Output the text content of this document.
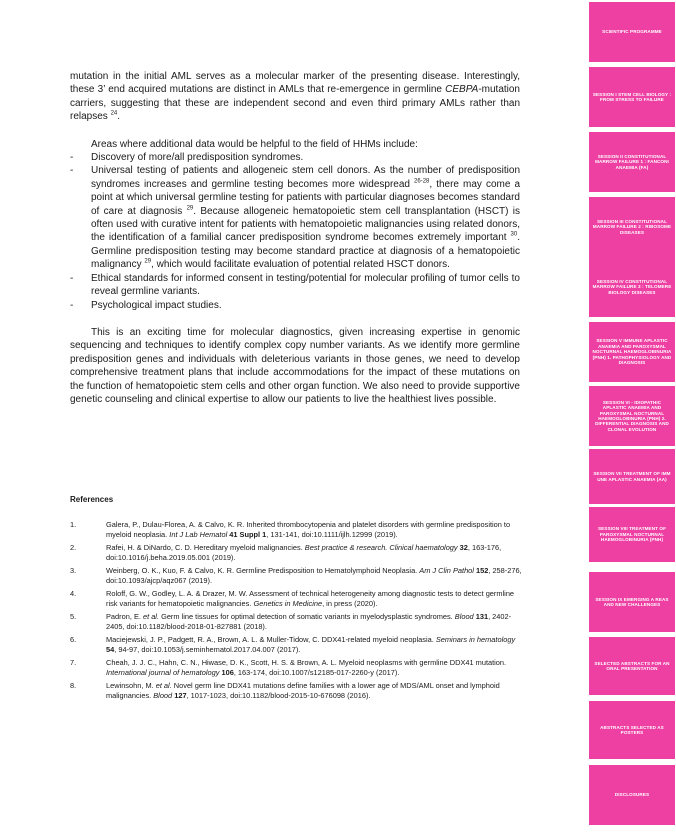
mutation in the initial AML serves as a molecular marker of the presenting disease. Interestingly, these 3’ end acquired mutations are distinct in AMLs that re-emergence in germline CEBPA-mutation carriers, suggesting that these are independent second and even third primary AMLs rather than relapses $^{24}$.

Areas where additional data would be helpful to the field of HHMs include:

- Discovery of more/all predisposition syndromes.
- Universal testing of patients and allogeneic stem cell donors. As the number of predisposition syndromes increases and germline testing becomes more widespread $^{26-28}$, there may come a point at which universal germline testing for patients with particular diagnoses becomes standard of care at diagnosis $^{29}$. Because allogeneic hematopoietic stem cell transplantation (HSCT) is often used with curative intent for patients with hematopoietic malignancies using related donors, the identification of a familial cancer predisposition syndrome becomes extremely important $^{30}$. Germline predisposition testing may become standard practice at diagnosis of a hematopoietic malignancy $^{29}$, which would facilitate evaluation of potential related HSCT donors.
- Ethical standards for informed consent in testing/potential for molecular profiling of tumor cells to reveal germline variants.
- Psychological impact studies.

This is an exciting time for molecular diagnostics, given increasing expertise in genomic sequencing and techniques to identify complex copy number variants. As we identify more germline predisposition genes and individuals with deleterious variants in those genes, we need to develop comprehensive treatment plans that include accommodations for the impact of these mutations on the function of hematopoietic stem cells and other organ function. We also need to provide supportive genetic counseling and clinical expertise to allow our patients to live the healthiest lives possible.

References
1.	Galera, P., Dulau-Florea, A. & Calvo, K. R. Inherited thrombocytopenia and platelet disorders with germline predisposition to myeloid neoplasia. Int J Lab Hematol 41 Suppl 1, 131-141, doi:10.1111/ijlh.12999 (2019).
2.	Rafei, H. & DiNardo, C. D. Hereditary myeloid malignancies. Best practice & research. Clinical haematology 32, 163-176, doi:10.1016/j.beha.2019.05.001 (2019).
3.	Weinberg, O. K., Kuo, F. & Calvo, K. R. Germline Predisposition to Hematolymphoid Neoplasia. Am J Clin Pathol 152, 258-276, doi:10.1093/ajcp/aqz067 (2019).
4.	Roloff, G. W., Godley, L. A. & Drazer, M. W. Assessment of technical heterogeneity among diagnostic tests to detect germline risk variants for hematopoietic malignancies. Genetics in Medicine, in press (2020).
5.	Padron, E. et al. Germ line tissues for optimal detection of somatic variants in myelodysplastic syndromes. Blood 131, 2402-2405, doi:10.1182/blood-2018-01-827881 (2018).
6.	Maciejewski, J. P., Padgett, R. A., Brown, A. L. & Muller-Tidow, C. DDX41-related myeloid neoplasia. Seminars in hematology 54, 94-97, doi:10.1053/j.seminhematol.2017.04.007 (2017).
7.	Cheah, J. J. C., Hahn, C. N., Hiwase, D. K., Scott, H. S. & Brown, A. L. Myeloid neoplasms with germline DDX41 mutation. International journal of hematology 106, 163-174, doi:10.1007/s12185-017-2260-y (2017).
8.	Lewinsohn, M. et al. Novel germ line DDX41 mutations define families with a lower age of MDS/AML onset and lymphoid malignancies. Blood 127, 1017-1023, doi:10.1182/blood-2015-10-676098 (2016).
SCIENTIFIC PROGRAMME
SESSION I STEM CELL BIOLOGY : FROM STRESS TO FAILURE
SESSION II CONSTITUTIONAL MARROW FAILURE 1 : FANCONI ANAEMIA (FA)
SESSION III CONSTITUTIONAL MARROW FAILURE 2 : RIBOSOME DISEASES
SESSION IV CONSTITUTIONAL MARROW FAILURE 3 : TELOMERE BIOLOGY DISEASES
SESSION V IMMUNE APLASTIC ANAEMIA AND PAROXYSMAL NOCTURNAL HAEMOGLOBINURIA (PNH) 1. PATHOPHYSIOLOGY AND DIAGNOSIS
SESSION VI - IDIOPATHIC APLASTIC ANAEMIA AND PAROXYSMAL NOCTURNAL HAEMOGLOBINURIA (PNH) 2. DIFFERENTIAL DIAGNOSIS AND CLONAL EVOLUTION
SESSION VII TREATMENT OF IMM UNE APLASTIC ANAEMIA (AA)
SESSION VIII TREATMENT OF PAROXYSMAL NOCTURNAL HAEMOGLOBINURIA (PNH)
SESSION IX EMERGING A REAS AND NEW CHALLENGES
SELECTED ABSTRACTS FOR AN ORAL PRESENTATION
ABSTRACTS SELECTED AS POSTERS
DISCLOSURES
